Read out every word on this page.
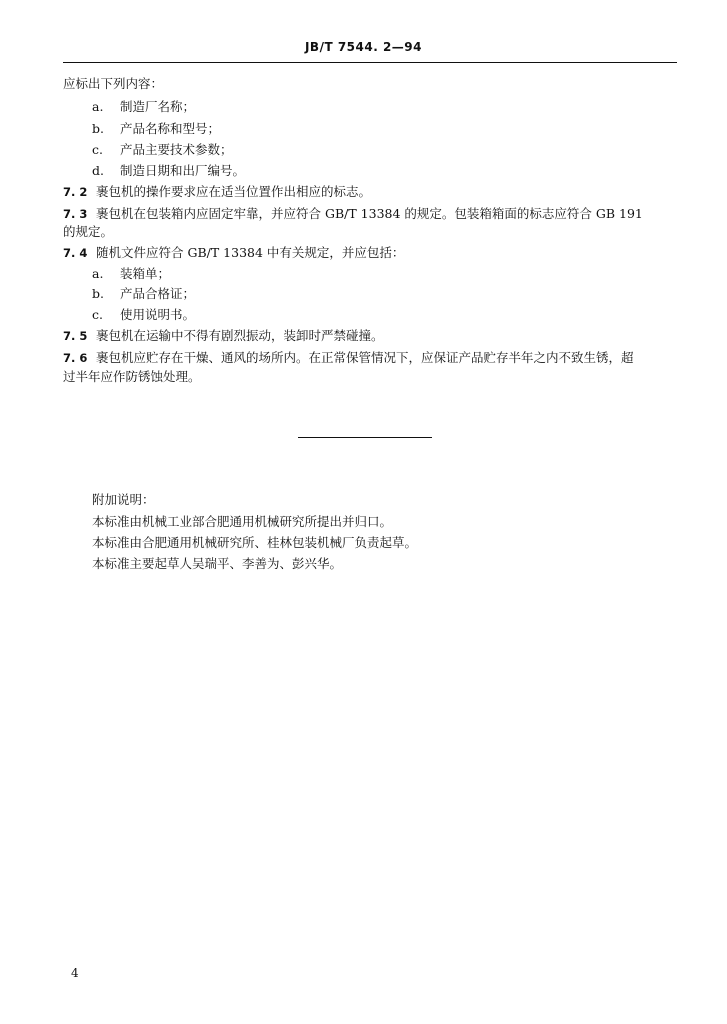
JB/T 7544. 2—94
应标出下列内容：
a. 制造厂名称；
b. 产品名称和型号；
c. 产品主要技术参数；
d. 制造日期和出厂编号。
7. 2 裹包机的操作要求应在适当位置作出相应的标志。
7. 3 裹包机在包装箱内应固定牢靠，并应符合 GB/T 13384 的规定。包装箱箱面的标志应符合 GB 191
的规定。
7. 4 随机文件应符合 GB/T 13384 中有关规定，并应包括：
a. 装箱单；
b. 产品合格证；
c. 使用说明书。
7. 5 裹包机在运输中不得有剧烈振动，装卸时严禁碰撞。
7. 6 裹包机应贮存在干燥、通风的场所内。在正常保管情况下，应保证产品贮存半年之内不致生锈，超
过半年应作防锈蚀处理。
附加说明：
本标准由机械工业部合肥通用机械研究所提出并归口。
本标准由合肥通用机械研究所、桂林包装机械厂负责起草。
本标准主要起草人吴瑞平、李善为、彭兴华。
4
